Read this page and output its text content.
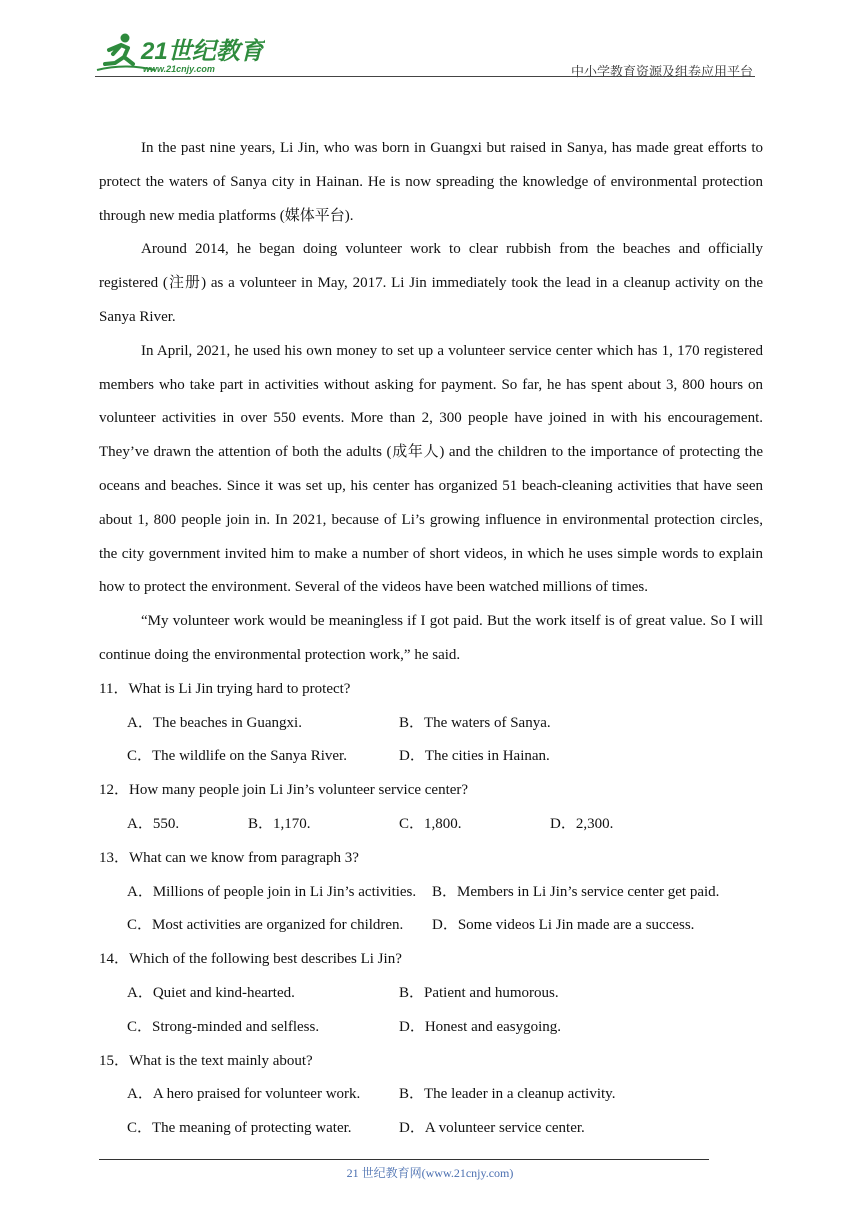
21世纪教育
www.21cnjy.com	中小学教育资源及组卷应用平台

In the past nine years, Li Jin, who was born in Guangxi but raised in Sanya, has made great efforts to protect the waters of Sanya city in Hainan. He is now spreading the knowledge of environmental protection through new media platforms (媒体平台).

Around 2014, he began doing volunteer work to clear rubbish from the beaches and officially registered (注册) as a volunteer in May, 2017. Li Jin immediately took the lead in a cleanup activity on the Sanya River.

In April, 2021, he used his own money to set up a volunteer service center which has 1, 170 registered members who take part in activities without asking for payment. So far, he has spent about 3, 800 hours on volunteer activities in over 550 events. More than 2, 300 people have joined in with his encouragement. They’ve drawn the attention of both the adults (成年人) and the children to the importance of protecting the oceans and beaches. Since it was set up, his center has organized 51 beach-cleaning activities that have seen about 1, 800 people join in. In 2021, because of Li’s growing influence in environmental protection circles, the city government invited him to make a number of short videos, in which he uses simple words to explain how to protect the environment. Several of the videos have been watched millions of times.

“My volunteer work would be meaningless if I got paid. But the work itself is of great value. So I will continue doing the environmental protection work,” he said.

11．What is Li Jin trying hard to protect?

A．The beaches in Guangxi.	B．The waters of Sanya.
C．The wildlife on the Sanya River.	D．The cities in Hainan.

12．How many people join Li Jin’s volunteer service center?

A．550.	B．1,170.	C．1,800.	D．2,300.

13．What can we know from paragraph 3?

A．Millions of people join in Li Jin’s activities.	B．Members in Li Jin’s service center get paid.
C．Most activities are organized for children.	D．Some videos Li Jin made are a success.

14．Which of the following best describes Li Jin?

A．Quiet and kind-hearted.	B．Patient and humorous.
C．Strong-minded and selfless.	D．Honest and easygoing.

15．What is the text mainly about?

A．A hero praised for volunteer work.	B．The leader in a cleanup activity.
C．The meaning of protecting water.	D．A volunteer service center.
21 世纪教育网(www.21cnjy.com)
